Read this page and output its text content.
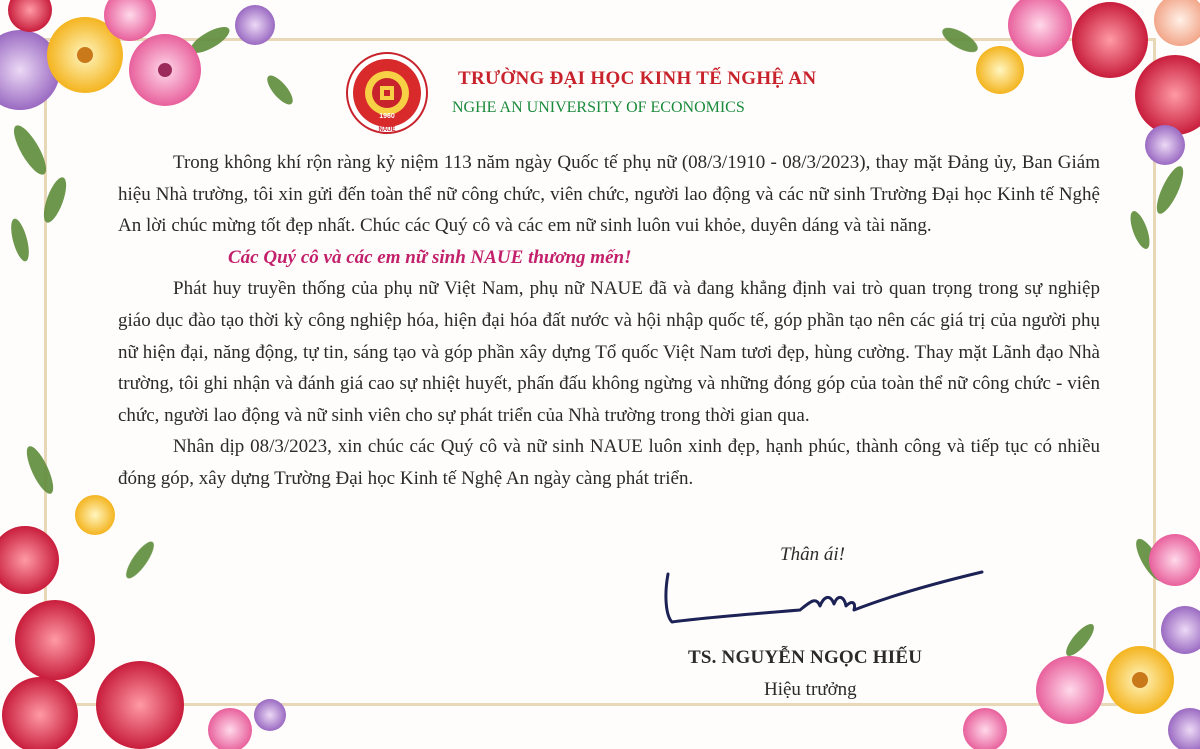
1960
NAUE
TRƯỜNG ĐẠI HỌC KINH TẾ NGHỆ AN
NGHE AN UNIVERSITY OF ECONOMICS

Trong không khí rộn ràng kỷ niệm 113 năm ngày Quốc tế phụ nữ (08/3/1910 - 08/3/2023), thay mặt Đảng ủy, Ban Giám hiệu Nhà trường, tôi xin gửi đến toàn thể nữ công chức, viên chức, người lao động và các nữ sinh Trường Đại học Kinh tế Nghệ An lời chúc mừng tốt đẹp nhất. Chúc các Quý cô và các em nữ sinh luôn vui khỏe, duyên dáng và tài năng.

Các Quý cô và các em nữ sinh NAUE thương mến!

Phát huy truyền thống của phụ nữ Việt Nam, phụ nữ NAUE đã và đang khẳng định vai trò quan trọng trong sự nghiệp giáo dục đào tạo thời kỳ công nghiệp hóa, hiện đại hóa đất nước và hội nhập quốc tế, góp phần tạo nên các giá trị của người phụ nữ hiện đại, năng động, tự tin, sáng tạo và góp phần xây dựng Tổ quốc Việt Nam tươi đẹp, hùng cường. Thay mặt Lãnh đạo Nhà trường, tôi ghi nhận và đánh giá cao sự nhiệt huyết, phấn đấu không ngừng và những đóng góp của toàn thể nữ công chức - viên chức, người lao động và nữ sinh viên cho sự phát triển của Nhà trường trong thời gian qua.

Nhân dịp 08/3/2023, xin chúc các Quý cô và nữ sinh NAUE luôn xinh đẹp, hạnh phúc, thành công và tiếp tục có nhiều đóng góp, xây dựng Trường Đại học Kinh tế Nghệ An ngày càng phát triển.

Thân ái!
TS. NGUYỄN NGỌC HIẾU
Hiệu trưởng
